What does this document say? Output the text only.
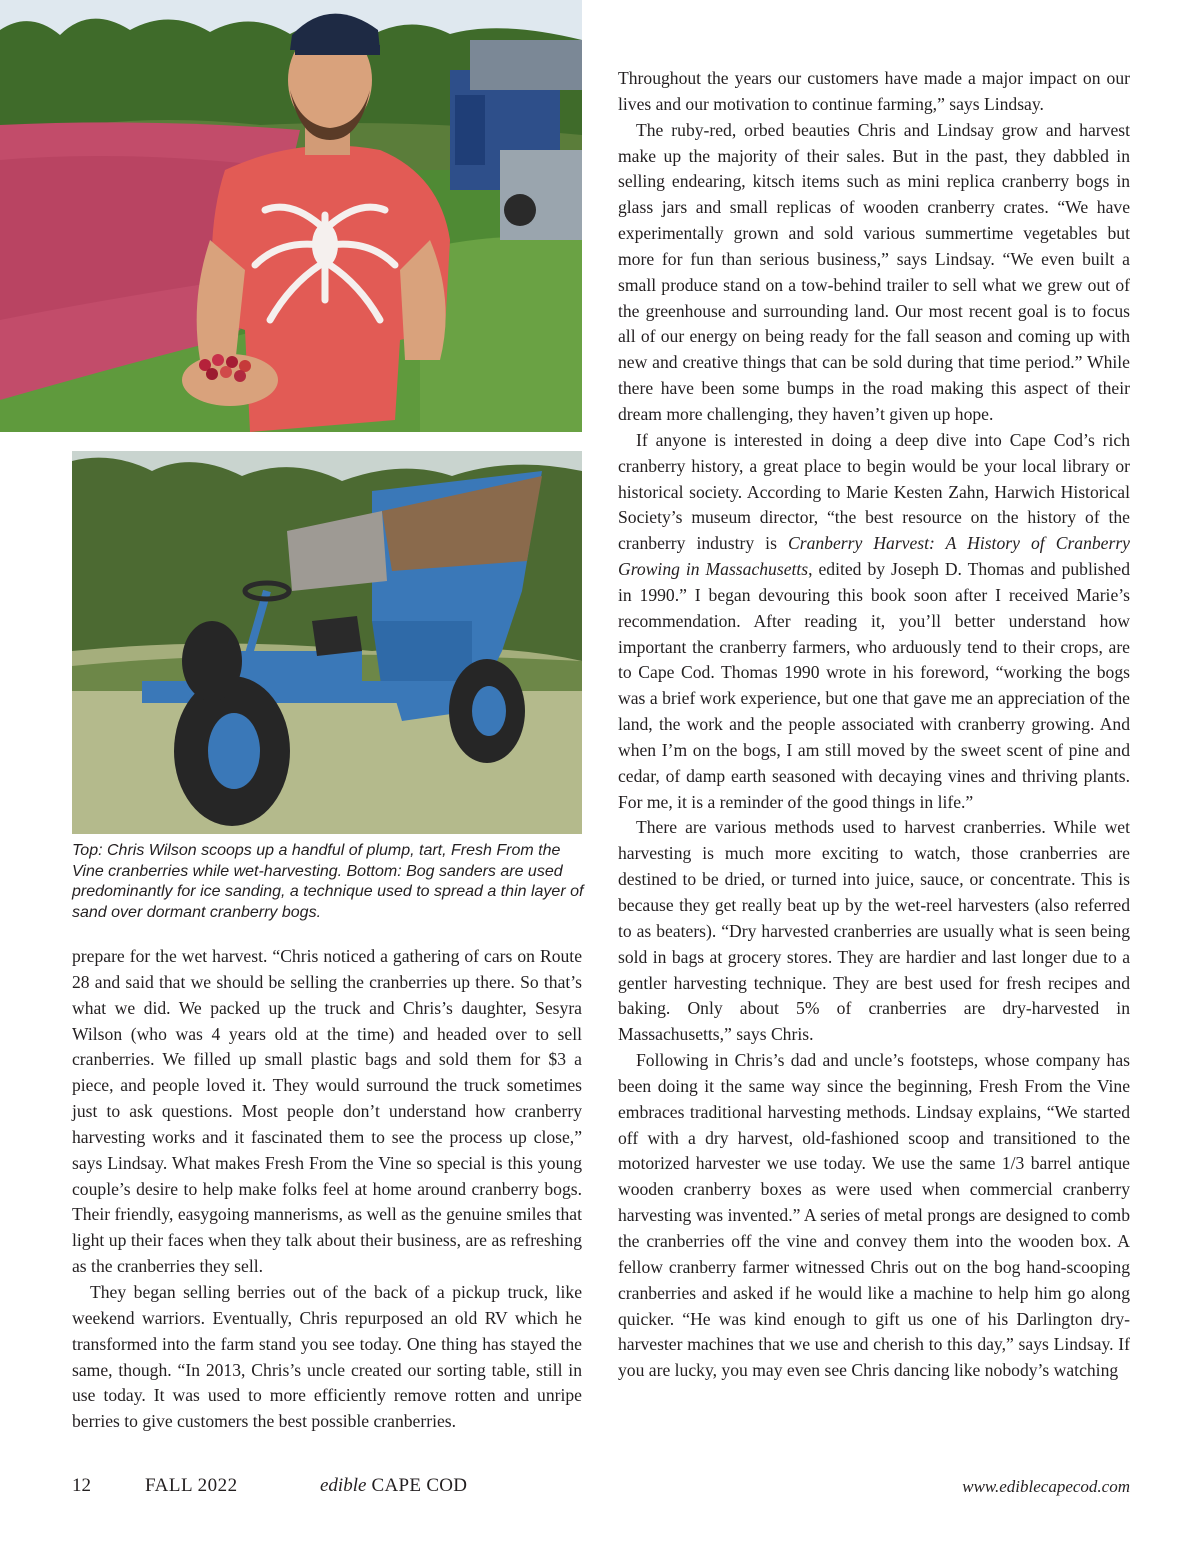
Top: Chris Wilson scoops up a handful of plump, tart, Fresh From the Vine cranberries while wet-harvesting. Bottom: Bog sanders are used predominantly for ice sanding, a technique used to spread a thin layer of sand over dormant cranberry bogs.

prepare for the wet harvest. “Chris noticed a gathering of cars on Route 28 and said that we should be selling the cranberries up there. So that’s what we did. We packed up the truck and Chris’s daughter, Sesyra Wilson (who was 4 years old at the time) and headed over to sell cranberries. We filled up small plastic bags and sold them for $3 a piece, and people loved it. They would surround the truck sometimes just to ask questions. Most people don’t understand how cranberry harvesting works and it fascinated them to see the process up close,” says Lindsay. What makes Fresh From the Vine so special is this young couple’s desire to help make folks feel at home around cranberry bogs. Their friendly, easygoing mannerisms, as well as the genuine smiles that light up their faces when they talk about their business, are as refreshing as the cranberries they sell.

They began selling berries out of the back of a pickup truck, like weekend warriors. Eventually, Chris repurposed an old RV which he transformed into the farm stand you see today. One thing has stayed the same, though. “In 2013, Chris’s uncle created our sorting table, still in use today. It was used to more efficiently remove rotten and unripe berries to give customers the best possible cranberries.

Throughout the years our customers have made a major impact on our lives and our motivation to continue farming,” says Lindsay.

The ruby-red, orbed beauties Chris and Lindsay grow and harvest make up the majority of their sales. But in the past, they dabbled in selling endearing, kitsch items such as mini replica cranberry bogs in glass jars and small replicas of wooden cranberry crates. “We have experimentally grown and sold various summertime vegetables but more for fun than serious business,” says Lindsay. “We even built a small produce stand on a tow-behind trailer to sell what we grew out of the greenhouse and surrounding land. Our most recent goal is to focus all of our energy on being ready for the fall season and coming up with new and creative things that can be sold during that time period.” While there have been some bumps in the road making this aspect of their dream more challenging, they haven’t given up hope.

If anyone is interested in doing a deep dive into Cape Cod’s rich cranberry history, a great place to begin would be your local library or historical society. According to Marie Kesten Zahn, Harwich Historical Society’s museum director, “the best resource on the history of the cranberry industry is Cranberry Harvest: A History of Cranberry Growing in Massachusetts, edited by Joseph D. Thomas and published in 1990.” I began devouring this book soon after I received Marie’s recommendation. After reading it, you’ll better understand how important the cranberry farmers, who arduously tend to their crops, are to Cape Cod. Thomas 1990 wrote in his foreword, “working the bogs was a brief work experience, but one that gave me an appreciation of the land, the work and the people associated with cranberry growing. And when I’m on the bogs, I am still moved by the sweet scent of pine and cedar, of damp earth seasoned with decaying vines and thriving plants. For me, it is a reminder of the good things in life.”

There are various methods used to harvest cranberries. While wet harvesting is much more exciting to watch, those cranberries are destined to be dried, or turned into juice, sauce, or concentrate. This is because they get really beat up by the wet-reel harvesters (also referred to as beaters). “Dry harvested cranberries are usually what is seen being sold in bags at grocery stores. They are hardier and last longer due to a gentler harvesting technique. They are best used for fresh recipes and baking. Only about 5% of cranberries are dry-harvested in Massachusetts,” says Chris.

Following in Chris’s dad and uncle’s footsteps, whose company has been doing it the same way since the beginning, Fresh From the Vine embraces traditional harvesting methods. Lindsay explains, “We started off with a dry harvest, old-fashioned scoop and transitioned to the motorized harvester we use today. We use the same 1/3 barrel antique wooden cranberry boxes as were used when commercial cranberry harvesting was invented.” A series of metal prongs are designed to comb the cranberries off the vine and convey them into the wooden box. A fellow cranberry farmer witnessed Chris out on the bog hand-scooping cranberries and asked if he would like a machine to help him go along quicker. “He was kind enough to gift us one of his Darlington dry-harvester machines that we use and cherish to this day,” says Lindsay. If you are lucky, you may even see Chris dancing like nobody’s watching

12	FALL 2022	edible CAPE COD	www.ediblecapecod.com
